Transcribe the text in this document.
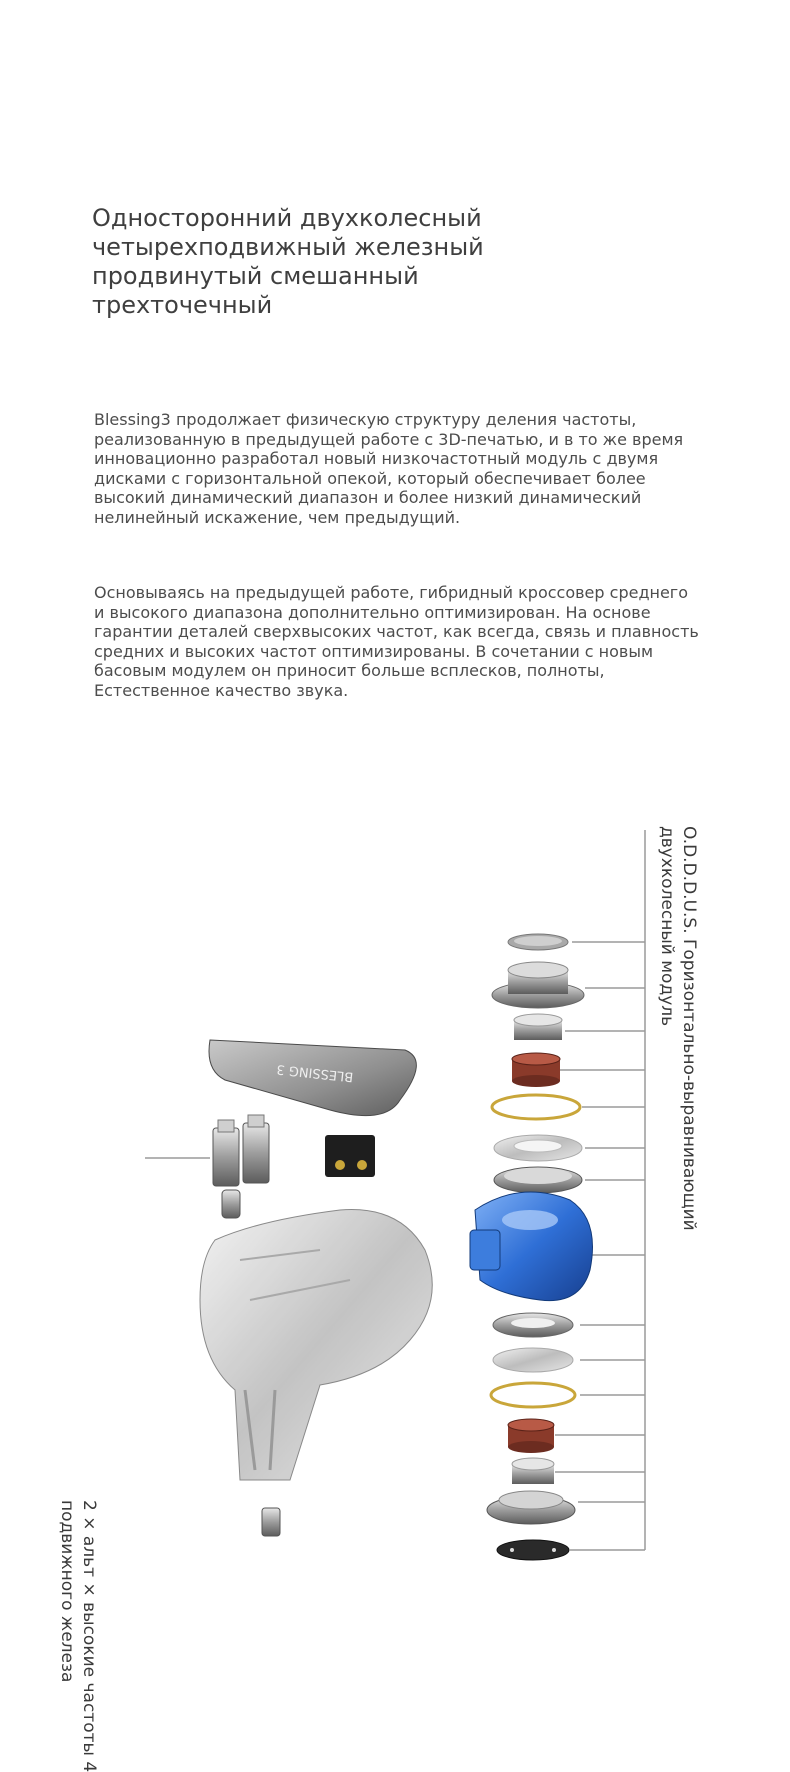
Односторонний двухколесный
четырехподвижный железный
продвинутый смешанный
трехточечный
Blessing3 продолжает физическую структуру деления частоты,
реализованную в предыдущей работе с 3D-печатью, и в то же время
инновационно разработал новый низкочастотный модуль с двумя
дисками с горизонтальной опекой, который обеспечивает более
высокий динамический диапазон и более низкий динамический
нелинейный искажение, чем предыдущий.
Основываясь на предыдущей работе, гибридный кроссовер среднего
и высокого диапазона дополнительно оптимизирован. На основе
гарантии деталей сверхвысоких частот, как всегда, связь и плавность
средних и высоких частот оптимизированы. В сочетании с новым
басовым модулем он приносит больше всплесков, полноты,
Естественное качество звука.
BLESSING 3	O.D.D.D.U.S. Горизонтально-выравнивающий
двухколесный модуль
2 × альт × высокие частоты 4
подвижного железа
